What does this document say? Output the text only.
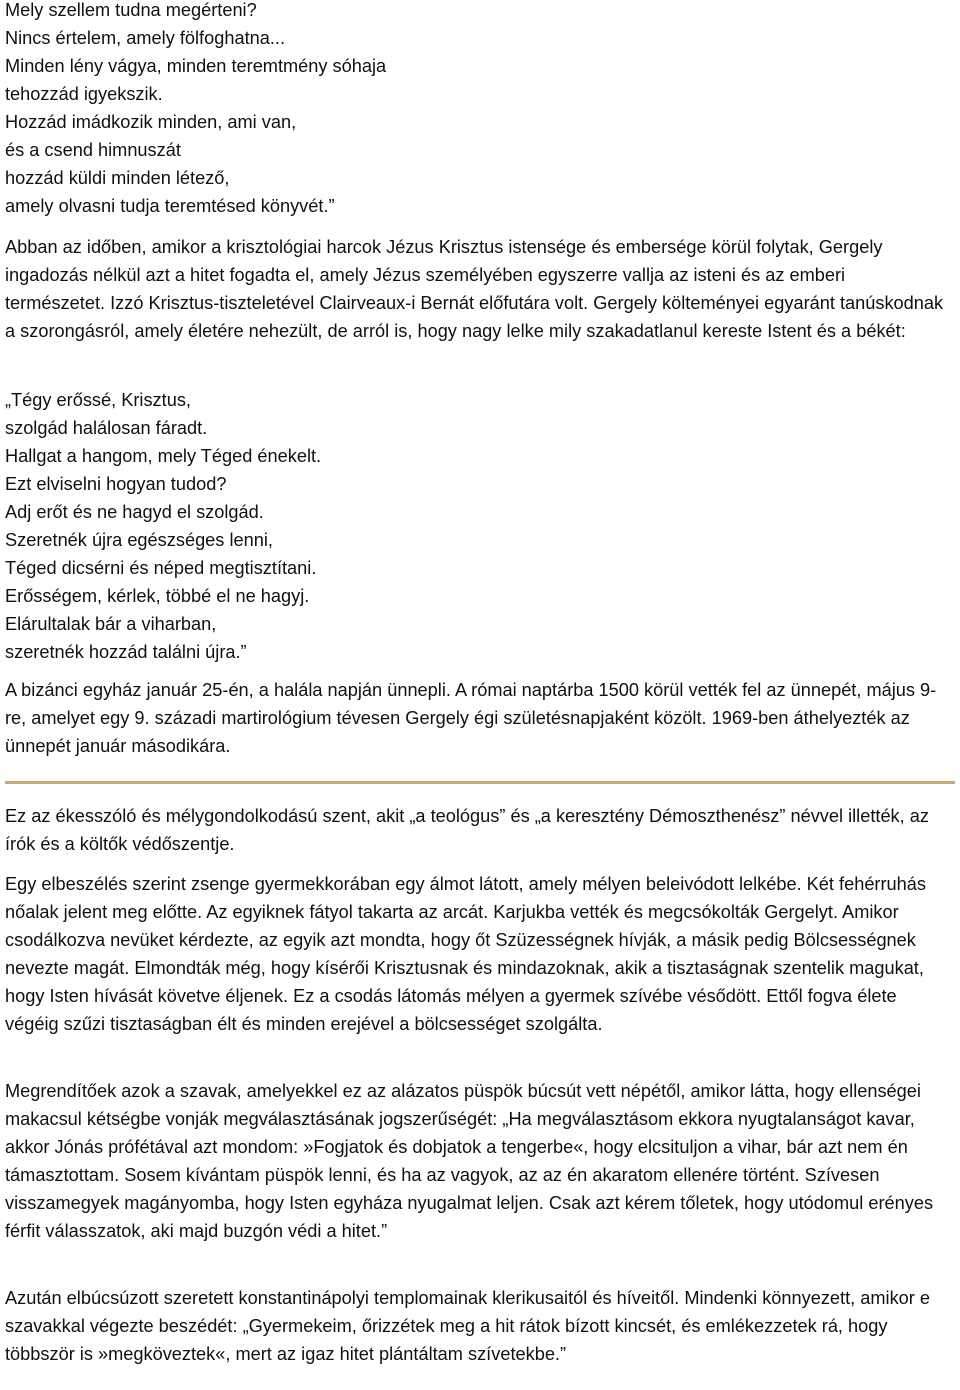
Mely szellem tudna megérteni?
Nincs értelem, amely fölfoghatna...
Minden lény vágya, minden teremtmény sóhaja
tehozzád igyekszik.
Hozzád imádkozik minden, ami van,
és a csend himnuszát
hozzád küldi minden létező,
amely olvasni tudja teremtésed könyvét.”

Abban az időben, amikor a krisztológiai harcok Jézus Krisztus istensége és embersége körül folytak, Gergely ingadozás nélkül azt a hitet fogadta el, amely Jézus személyében egyszerre vallja az isteni és az emberi természetet. Izzó Krisztus-tiszteletével Clairveaux-i Bernát előfutára volt. Gergely költeményei egyaránt tanúskodnak a szorongásról, amely életére nehezült, de arról is, hogy nagy lelke mily szakadatlanul kereste Istent és a békét:

„Tégy erőssé, Krisztus,
szolgád halálosan fáradt.
Hallgat a hangom, mely Téged énekelt.
Ezt elviselni hogyan tudod?
Adj erőt és ne hagyd el szolgád.
Szeretnék újra egészséges lenni,
Téged dicsérni és néped megtisztítani.
Erősségem, kérlek, többé el ne hagyj.
Elárultalak bár a viharban,
szeretnék hozzád találni újra.”

A bizánci egyház január 25-én, a halála napján ünnepli. A római naptárba 1500 körül vették fel az ünnepét, május 9-re, amelyet egy 9. századi martirológium tévesen Gergely égi születésnapjaként közölt. 1969-ben áthelyezték az ünnepét január másodikára.

Ez az ékesszóló és mélygondolkodású szent, akit „a teológus” és „a keresztény Démoszthenész” névvel illették, az írók és a költők védőszentje.

Egy elbeszélés szerint zsenge gyermekkorában egy álmot látott, amely mélyen beleivódott lelkébe. Két fehérruhás nőalak jelent meg előtte. Az egyiknek fátyol takarta az arcát. Karjukba vették és megcsókolták Gergelyt. Amikor csodálkozva nevüket kérdezte, az egyik azt mondta, hogy őt Szüzességnek hívják, a másik pedig Bölcsességnek nevezte magát. Elmondták még, hogy kísérői Krisztusnak és mindazoknak, akik a tisztaságnak szentelik magukat, hogy Isten hívását követve éljenek. Ez a csodás látomás mélyen a gyermek szívébe vésődött. Ettől fogva élete végéig szűzi tisztaságban élt és minden erejével a bölcsességet szolgálta.

Megrendítőek azok a szavak, amelyekkel ez az alázatos püspök búcsút vett népétől, amikor látta, hogy ellenségei makacsul kétségbe vonják megválasztásának jogszerűségét: „Ha megválasztásom ekkora nyugtalanságot kavar, akkor Jónás prófétával azt mondom: »Fogjatok és dobjatok a tengerbe«, hogy elcsituljon a vihar, bár azt nem én támasztottam. Sosem kívántam püspök lenni, és ha az vagyok, az az én akaratom ellenére történt. Szívesen visszamegyek magányomba, hogy Isten egyháza nyugalmat leljen. Csak azt kérem tőletek, hogy utódomul erényes férfit válasszatok, aki majd buzgón védi a hitet.”

Azután elbúcsúzott szeretett konstantinápolyi templomainak klerikusaitól és híveitől. Mindenki könnyezett, amikor e szavakkal végezte beszédét: „Gyermekeim, őrizzétek meg a hit rátok bízott kincsét, és emlékezzetek rá, hogy többször is »megköveztek«, mert az igaz hitet plántáltam szívetekbe.”
